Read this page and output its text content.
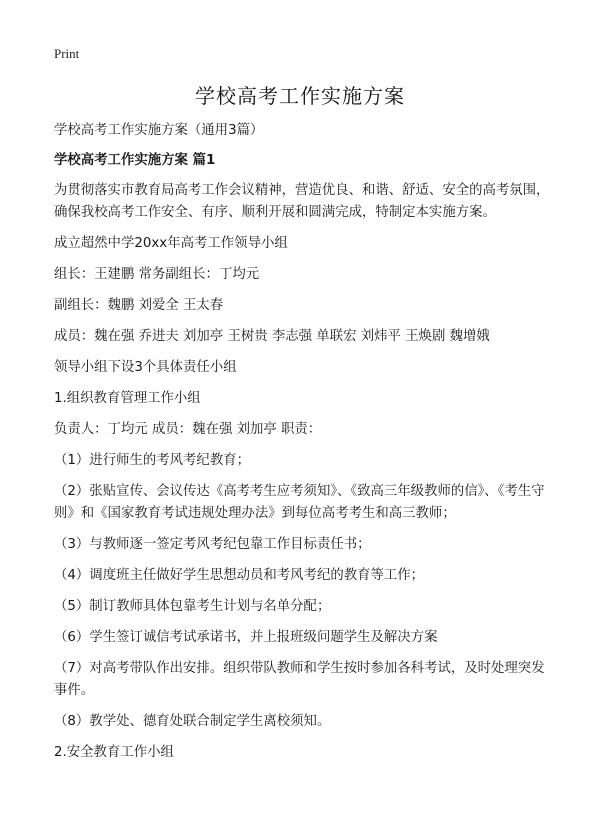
Print
学校高考工作实施方案

学校高考工作实施方案（通用3篇）

学校高考工作实施方案 篇1

为贯彻落实市教育局高考工作会议精神，营造优良、和谐、舒适、安全的高考氛围，确保我校高考工作安全、有序、顺利开展和圆满完成，特制定本实施方案。

成立超然中学20xx年高考工作领导小组

组长：王建鹏 常务副组长：丁均元

副组长：魏鹏 刘爱全 王太春

成员：魏在强 乔进夫 刘加亭 王树贵 李志强 单联宏 刘炜平 王焕剧 魏增娥

领导小组下设3个具体责任小组

1.组织教育管理工作小组

负责人：丁均元 成员：魏在强 刘加亭 职责：

（1）进行师生的考风考纪教育；

（2）张贴宣传、会议传达《高考考生应考须知》、《致高三年级教师的信》、《考生守则》和《国家教育考试违规处理办法》到每位高考考生和高三教师；

（3）与教师逐一签定考风考纪包靠工作目标责任书；

（4）调度班主任做好学生思想动员和考风考纪的教育等工作；

（5）制订教师具体包靠考生计划与名单分配；

（6）学生签订诚信考试承诺书，并上报班级问题学生及解决方案

（7）对高考带队作出安排。组织带队教师和学生按时参加各科考试，及时处理突发事件。

（8）教学处、德育处联合制定学生离校须知。

2.安全教育工作小组
